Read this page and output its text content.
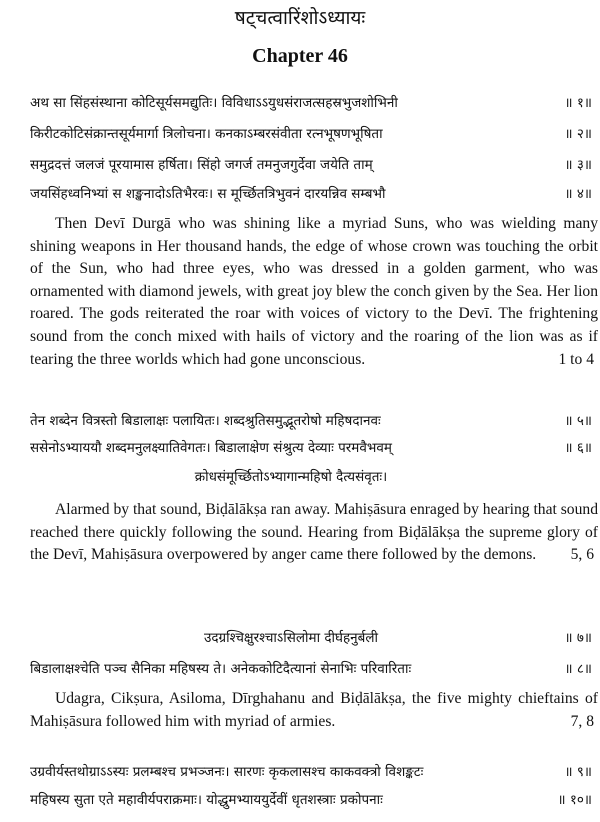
षट्चत्वारिंशोऽध्यायः
Chapter 46
अथ सा सिंहसंस्थाना कोटिसूर्यसमद्युतिः। विविधाऽऽयुधसंराजत्सहस्रभुजशोभिनी	॥ १॥
किरीटकोटिसंक्रान्तसूर्यमार्गा त्रिलोचना। कनकाऽम्बरसंवीता रत्नभूषणभूषिता	॥ २॥
समुद्रदत्तं जलजं पूरयामास हर्षिता। सिंहो जगर्ज तमनुजगुर्देवा जयेति ताम्	॥ ३॥
जयसिंहध्वनिभ्यां स शङ्खनादोऽतिभैरवः। स मूर्च्छितत्रिभुवनं दारयन्निव सम्बभौ	॥ ४॥

Then Devī Durgā who was shining like a myriad Suns, who was wielding many shining weapons in Her thousand hands, the edge of whose crown was touching the orbit of the Sun, who had three eyes, who was dressed in a golden garment, who was ornamented with diamond jewels, with great joy blew the conch given by the Sea. Her lion roared. The gods reiterated the roar with voices of victory to the Devī. The frightening sound from the conch mixed with hails of victory and the roaring of the lion was as if tearing the three worlds which had gone unconscious.	1 to 4
तेन शब्देन वित्रस्तो बिडालाक्षः पलायितः। शब्दश्रुतिसमुद्भूतरोषो महिषदानवः	॥ ५॥
ससेनोऽभ्याययौ शब्दमनुलक्ष्यातिवेगतः। बिडालाक्षेण संश्रुत्य देव्याः परमवैभवम्	॥ ६॥
क्रोधसंमूर्च्छितोऽभ्यागान्महिषो दैत्यसंवृतः।

Alarmed by that sound, Biḍālākṣa ran away. Mahiṣāsura enraged by hearing that sound reached there quickly following the sound. Hearing from Biḍālākṣa the supreme glory of the Devī, Mahiṣāsura overpowered by anger came there followed by the demons.	5, 6
उदग्रश्चिक्षुरश्चाऽसिलोमा दीर्घहनुर्बली	॥ ७॥
बिडालाक्षश्चेति पञ्च सैनिका महिषस्य ते। अनेककोटिदैत्यानां सेनाभिः परिवारिताः	॥ ८॥

Udagra, Cikṣura, Asiloma, Dīrghahanu and Biḍālākṣa, the five mighty chieftains of Mahiṣāsura followed him with myriad of armies.	7, 8
उग्रवीर्यस्तथोग्राऽऽस्यः प्रलम्बश्च प्रभञ्जनः। सारणः कृकलासश्च काकवक्त्रो विशङ्कटः	॥ ९॥
महिषस्य सुता एते महावीर्यपराक्रमाः। योद्धुमभ्याययुर्देवीं धृतशस्त्राः प्रकोपनाः	॥ १०॥
